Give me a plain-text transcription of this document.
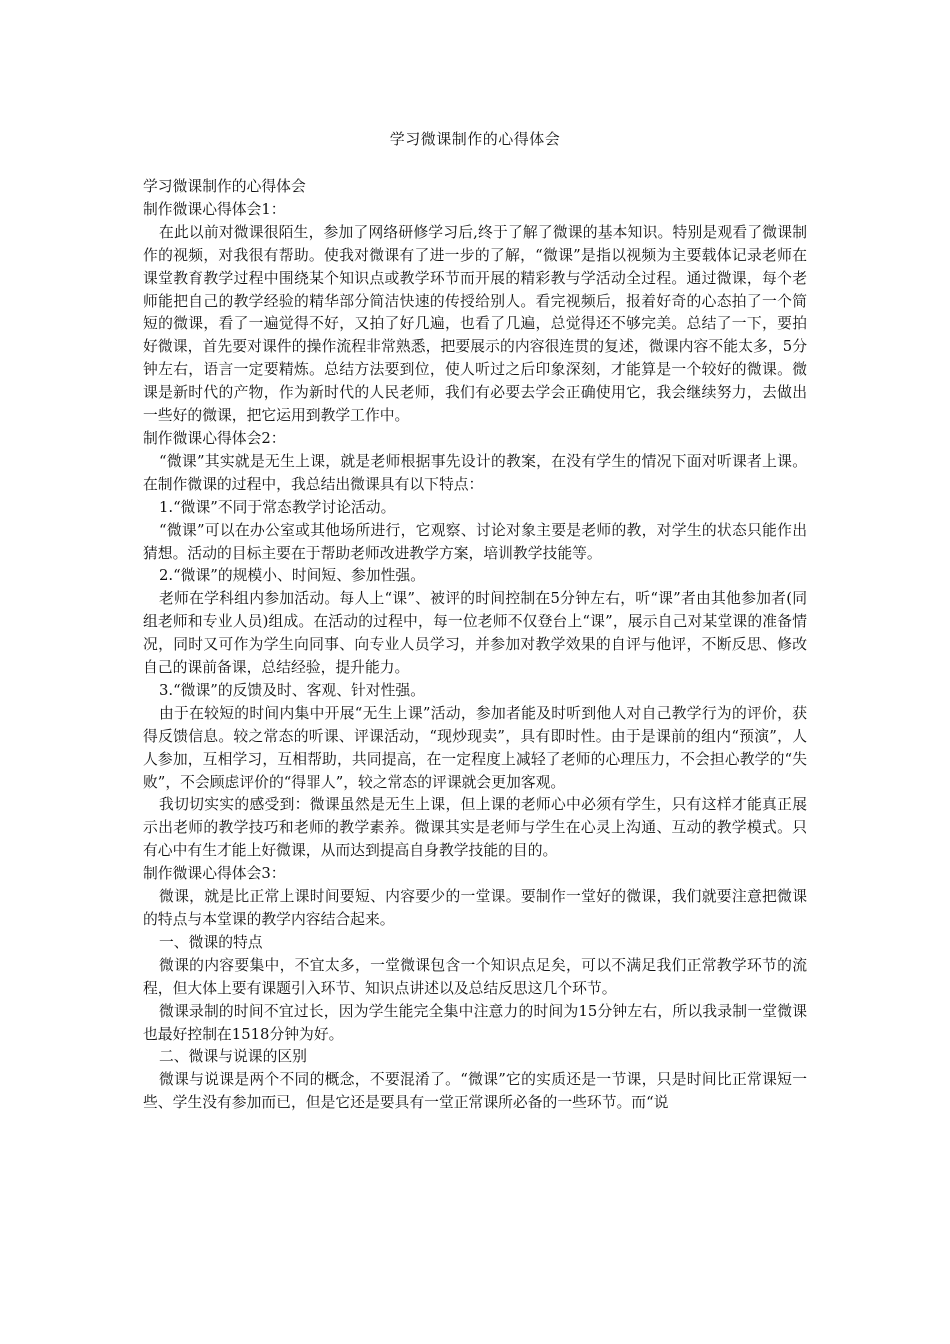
学习微课制作的心得体会

学习微课制作的心得体会

制作微课心得体会1：

在此以前对微课很陌生，参加了网络研修学习后,终于了解了微课的基本知识。特别是观看了微课制作的视频，对我很有帮助。使我对微课有了进一步的了解，“微课”是指以视频为主要载体记录老师在课堂教育教学过程中围绕某个知识点或教学环节而开展的精彩教与学活动全过程。通过微课，每个老师能把自己的教学经验的精华部分简洁快速的传授给别人。看完视频后，报着好奇的心态拍了一个简短的微课，看了一遍觉得不好，又拍了好几遍，也看了几遍，总觉得还不够完美。总结了一下，要拍好微课，首先要对课件的操作流程非常熟悉，把要展示的内容很连贯的复述，微课内容不能太多，5分钟左右，语言一定要精炼。总结方法要到位，使人听过之后印象深刻，才能算是一个较好的微课。微课是新时代的产物，作为新时代的人民老师，我们有必要去学会正确使用它，我会继续努力，去做出一些好的微课，把它运用到教学工作中。

制作微课心得体会2：

“微课”其实就是无生上课，就是老师根据事先设计的教案，在没有学生的情况下面对听课者上课。在制作微课的过程中，我总结出微课具有以下特点：

1.“微课”不同于常态教学讨论活动。

“微课”可以在办公室或其他场所进行，它观察、讨论对象主要是老师的教，对学生的状态只能作出猜想。活动的目标主要在于帮助老师改进教学方案，培训教学技能等。

2.“微课”的规模小、时间短、参加性强。

老师在学科组内参加活动。每人上“课”、被评的时间控制在5分钟左右，听“课”者由其他参加者(同组老师和专业人员)组成。在活动的过程中，每一位老师不仅登台上“课”，展示自己对某堂课的准备情况，同时又可作为学生向同事、向专业人员学习，并参加对教学效果的自评与他评，不断反思、修改自己的课前备课，总结经验，提升能力。

3.“微课”的反馈及时、客观、针对性强。

由于在较短的时间内集中开展“无生上课”活动，参加者能及时听到他人对自己教学行为的评价，获得反馈信息。较之常态的听课、评课活动，“现炒现卖”，具有即时性。由于是课前的组内“预演”，人人参加，互相学习，互相帮助，共同提高，在一定程度上减轻了老师的心理压力，不会担心教学的“失败”，不会顾虑评价的“得罪人”，较之常态的评课就会更加客观。

我切切实实的感受到：微课虽然是无生上课，但上课的老师心中必须有学生，只有这样才能真正展示出老师的教学技巧和老师的教学素养。微课其实是老师与学生在心灵上沟通、互动的教学模式。只有心中有生才能上好微课，从而达到提高自身教学技能的目的。

制作微课心得体会3：

微课，就是比正常上课时间要短、内容要少的一堂课。要制作一堂好的微课，我们就要注意把微课的特点与本堂课的教学内容结合起来。

一、微课的特点

微课的内容要集中，不宜太多，一堂微课包含一个知识点足矣，可以不满足我们正常教学环节的流程，但大体上要有课题引入环节、知识点讲述以及总结反思这几个环节。

微课录制的时间不宜过长，因为学生能完全集中注意力的时间为15分钟左右，所以我录制一堂微课也最好控制在1518分钟为好。

二、微课与说课的区别

微课与说课是两个不同的概念，不要混淆了。“微课”它的实质还是一节课，只是时间比正常课短一些、学生没有参加而已，但是它还是要具有一堂正常课所必备的一些环节。而“说
